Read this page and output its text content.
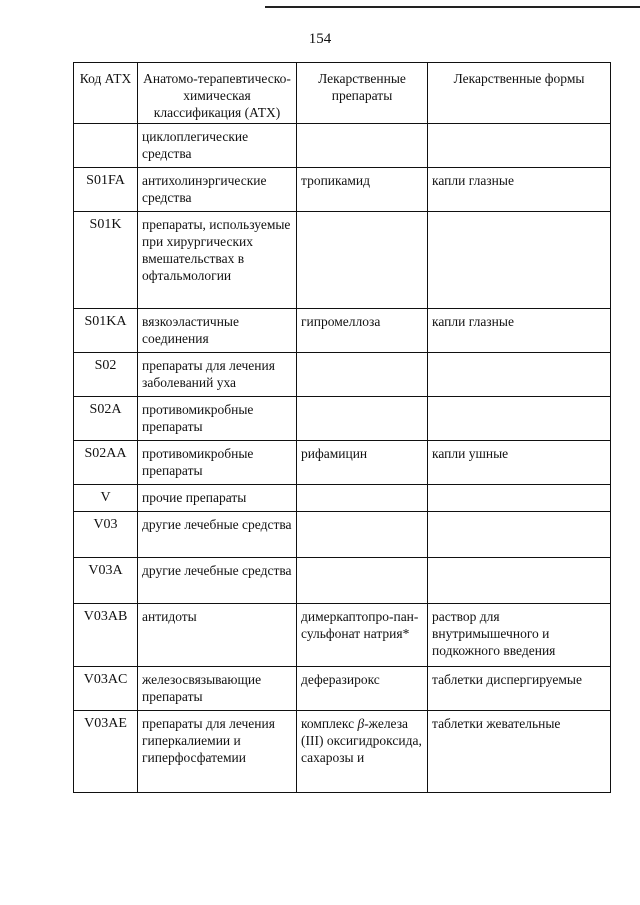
154
Код АТХ	Анатомо-терапевтическо-химическая классификация (АТХ)	Лекарственные препараты	Лекарственные формы
	циклоплегические средства		
S01FA	антихолинэргические средства	тропикамид	капли глазные
S01K	препараты, используемые при хирургических вмешательствах в офтальмологии		
S01KA	вязкоэластичные соединения	гипромеллоза	капли глазные
S02	препараты для лечения заболеваний уха		
S02A	противомикробные препараты		
S02AA	противомикробные препараты	рифамицин	капли ушные
V	прочие препараты		
V03	другие лечебные средства		
V03A	другие лечебные средства		
V03AB	антидоты	димеркаптопро-пан-сульфонат натрия*	раствор для внутримышечного и подкожного введения
V03AC	железосвязывающие препараты	деферазирокс	таблетки диспергируемые
V03AE	препараты для лечения гиперкалиемии и гиперфосфатемии	комплекс β-железа (III) оксигидроксида, сахарозы и	таблетки жевательные
